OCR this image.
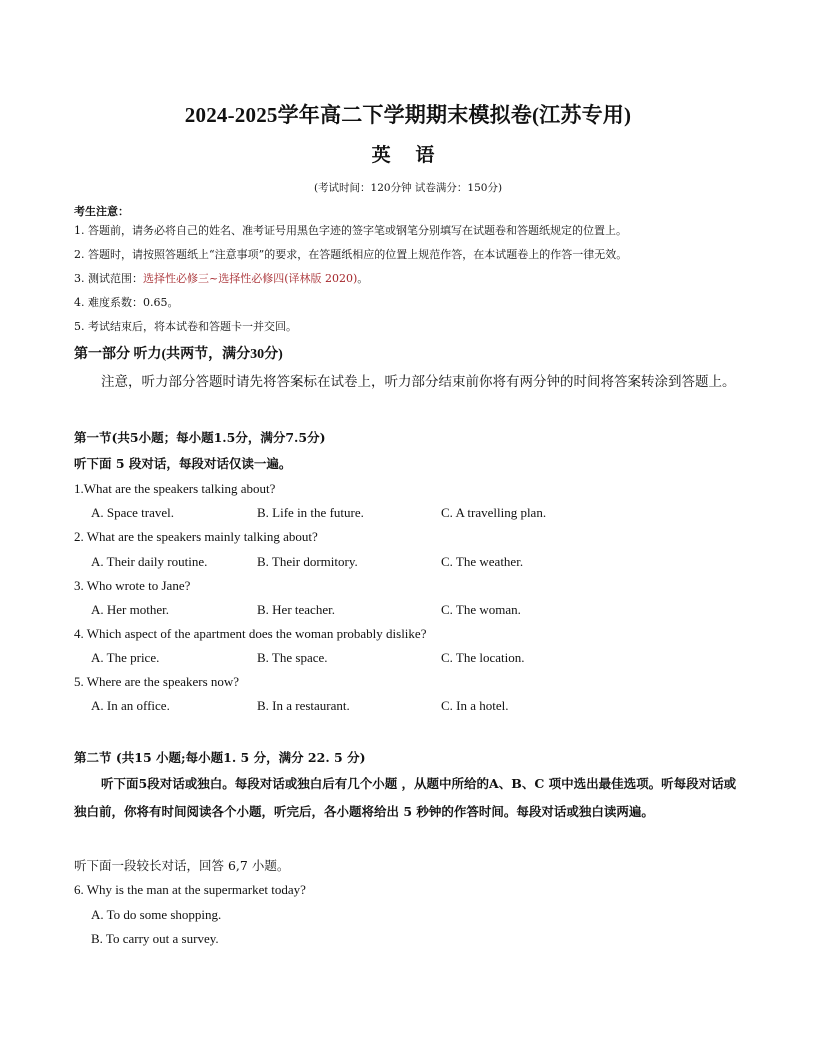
2024-2025学年高二下学期期末模拟卷(江苏专用)
英 语

(考试时间：120分钟 试卷满分：150分)

考生注意：

1. 答题前，请务必将自己的姓名、准考证号用黑色字迹的签字笔或钢笔分别填写在试题卷和答题纸规定的位置上。
2. 答题时，请按照答题纸上“注意事项”的要求，在答题纸相应的位置上规范作答，在本试题卷上的作答一律无效。
3. 测试范围：选择性必修三~选择性必修四(译林版 2020)。
4. 难度系数：0.65。
5. 考试结束后，将本试卷和答题卡一并交回。

第一部分 听力(共两节，满分30分)

注意，听力部分答题时请先将答案标在试卷上，听力部分结束前你将有两分钟的时间将答案转涂到答题上。

第一节(共5小题；每小题1.5分，满分7.5分)

听下面 5 段对话，每段对话仅读一遍。

1.What are the speakers talking about?

A. Space travel.	B. Life in the future.	C. A travelling plan.

2. What are the speakers mainly talking about?

A. Their daily routine.	B. Their dormitory.	C. The weather.

3. Who wrote to Jane?

A. Her mother.	B. Her teacher.	C. The woman.

4. Which aspect of the apartment does the woman probably dislike?

A. The price.	B. The space.	C. The location.

5. Where are the speakers now?

A. In an office.	B. In a restaurant.	C. In a hotel.

第二节 (共15 小题;每小题1. 5 分，满分 22. 5 分)

听下面5段对话或独白。每段对话或独白后有几个小题 ，从题中所给的A、B、C 项中选出最佳选项。听每段对话或独白前，你将有时间阅读各个小题，听完后，各小题将给出 5 秒钟的作答时间。每段对话或独白读两遍。

听下面一段较长对话，回答 6,7 小题。

6. Why is the man at the supermarket today?

A. To do some shopping.
B. To carry out a survey.
